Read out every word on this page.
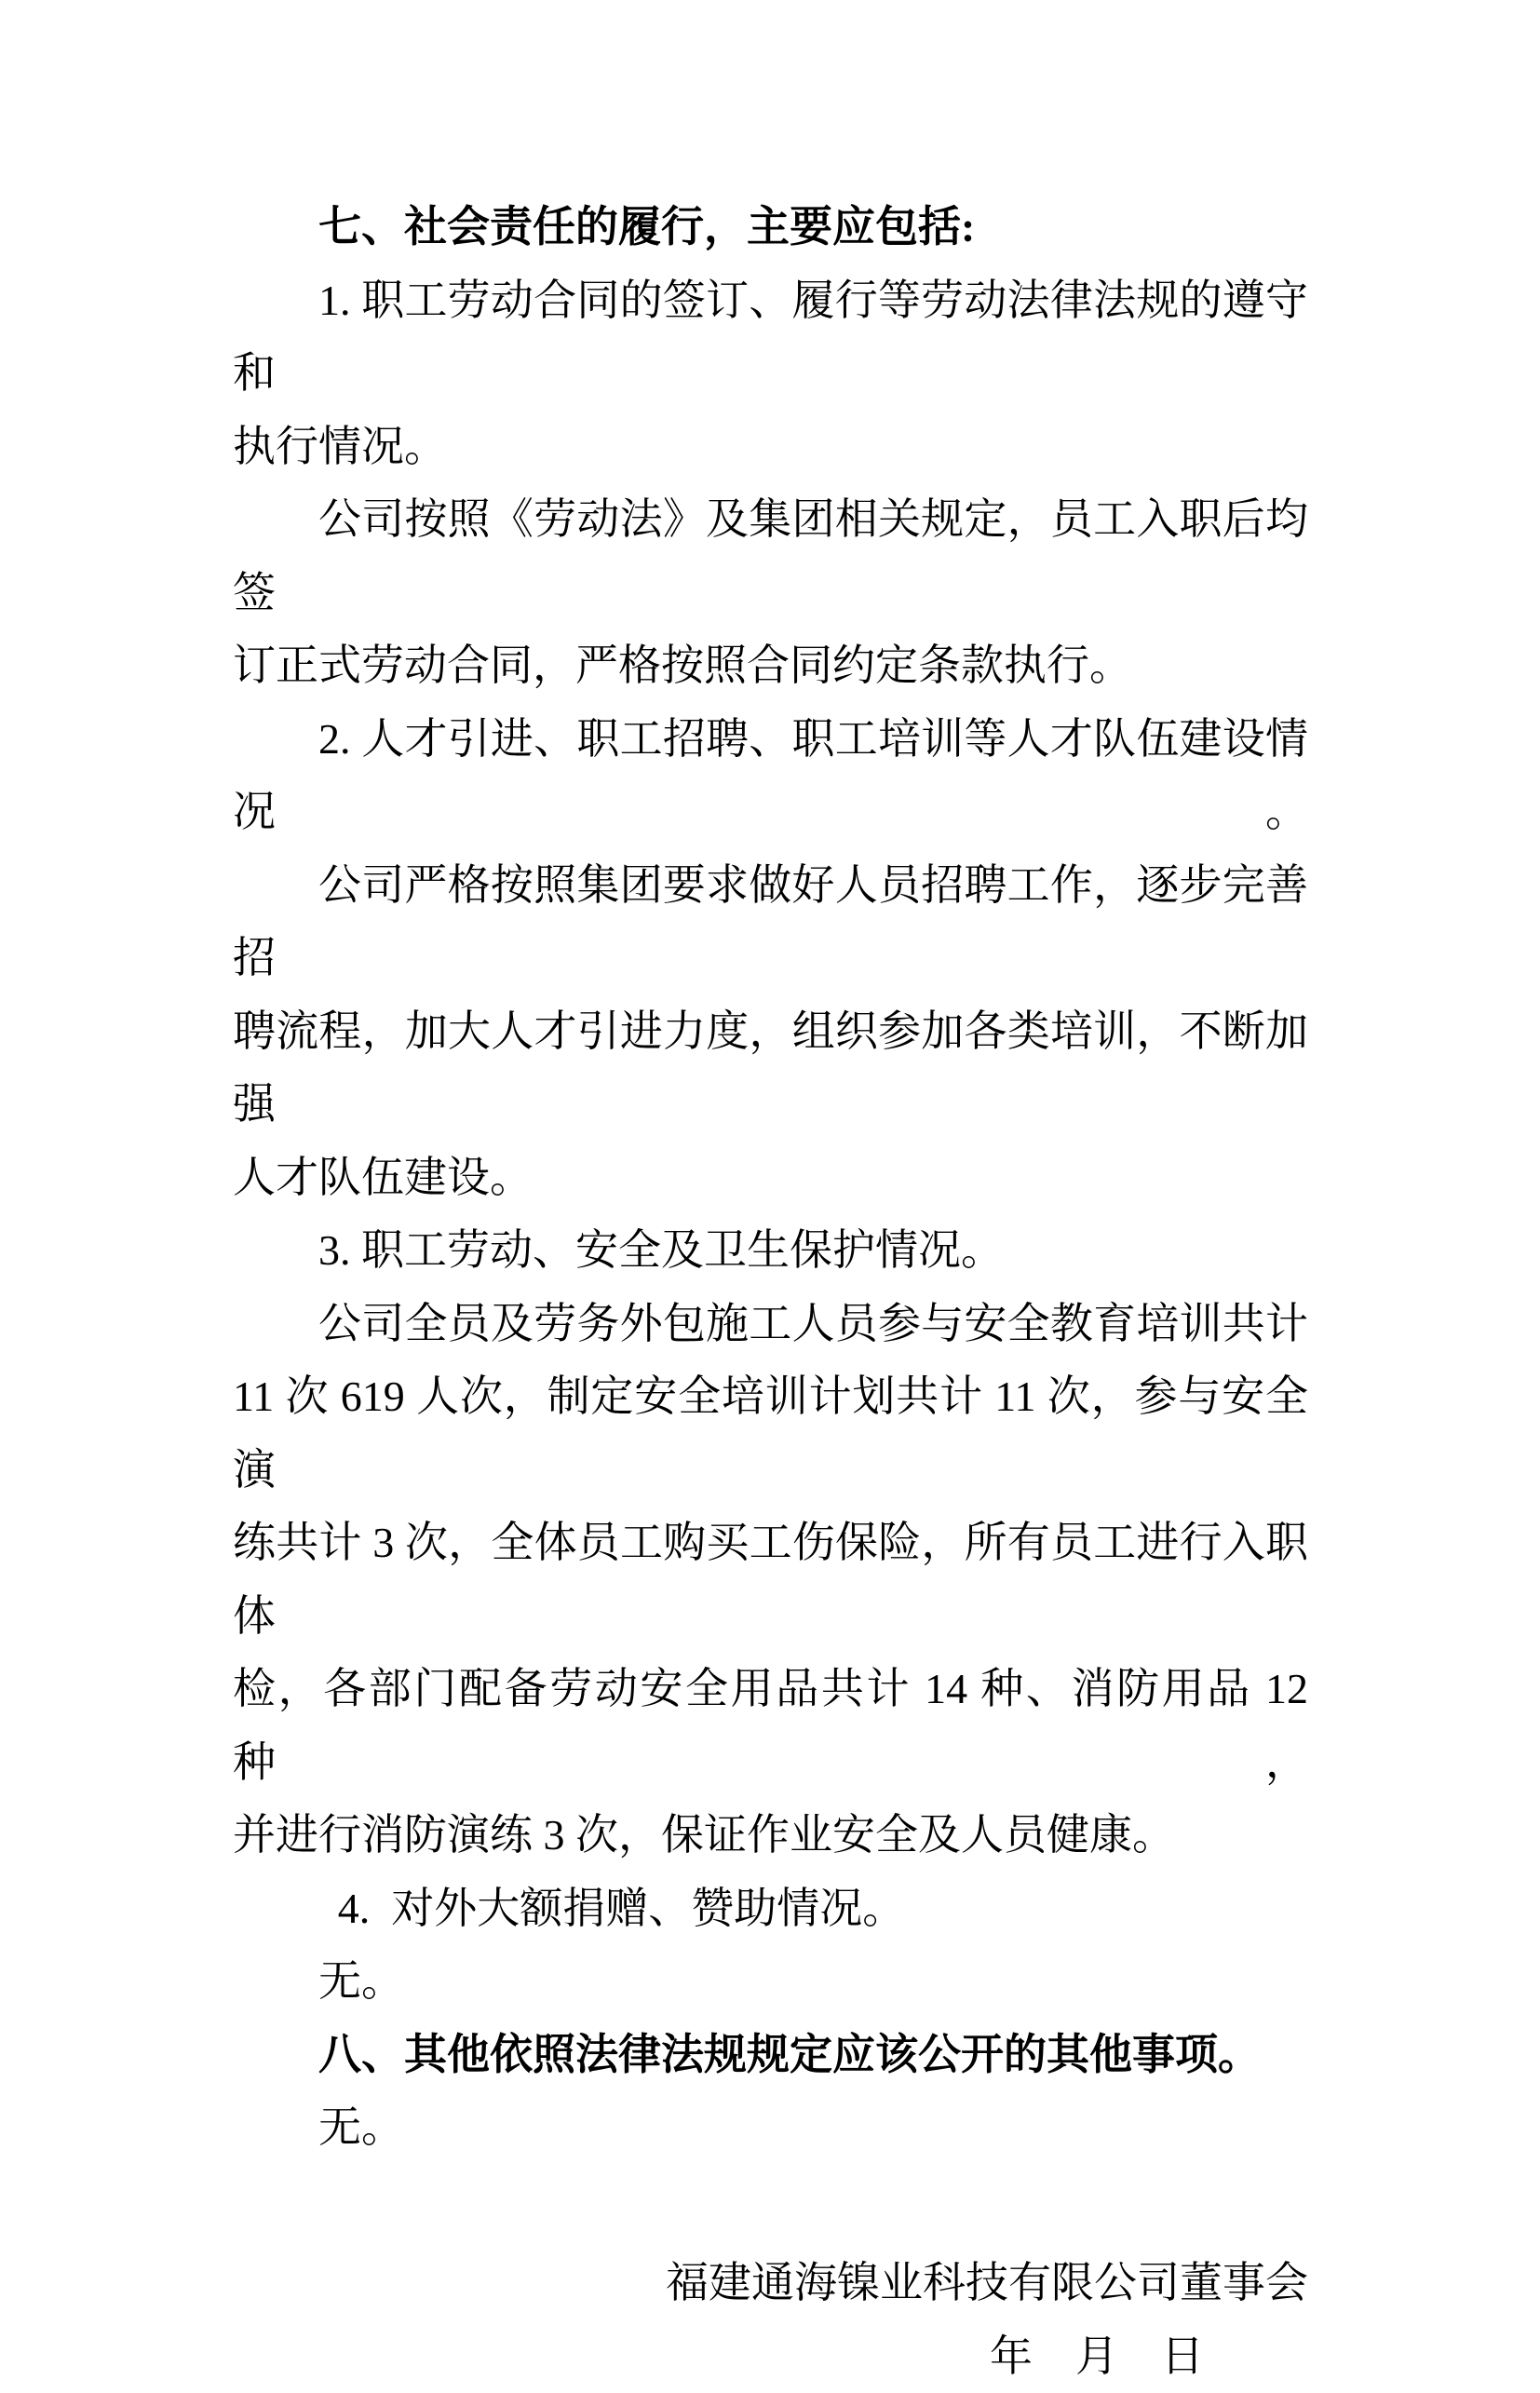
七、社会责任的履行，主要应包括:
1. 职工劳动合同的签订、履行等劳动法律法规的遵守和
执行情况。
公司按照《劳动法》及集团相关规定，员工入职后均签
订正式劳动合同，严格按照合同约定条款执行。
2. 人才引进、职工招聘、职工培训等人才队伍建设情况。
公司严格按照集团要求做好人员招聘工作，逐步完善招
聘流程，加大人才引进力度，组织参加各类培训，不断加强
人才队伍建设。
3. 职工劳动、安全及卫生保护情况。
公司全员及劳务外包施工人员参与安全教育培训共计
11 次 619 人次，制定安全培训计划共计 11 次，参与安全演
练共计 3 次，全体员工购买工伤保险，所有员工进行入职体
检，各部门配备劳动安全用品共计 14 种、消防用品 12 种，
并进行消防演练 3 次，保证作业安全及人员健康。
4. 对外大额捐赠、赞助情况。
无。
八、其他依照法律法规规定应该公开的其他事项。
无。
福建通海镍业科技有限公司董事会
年　月　日
